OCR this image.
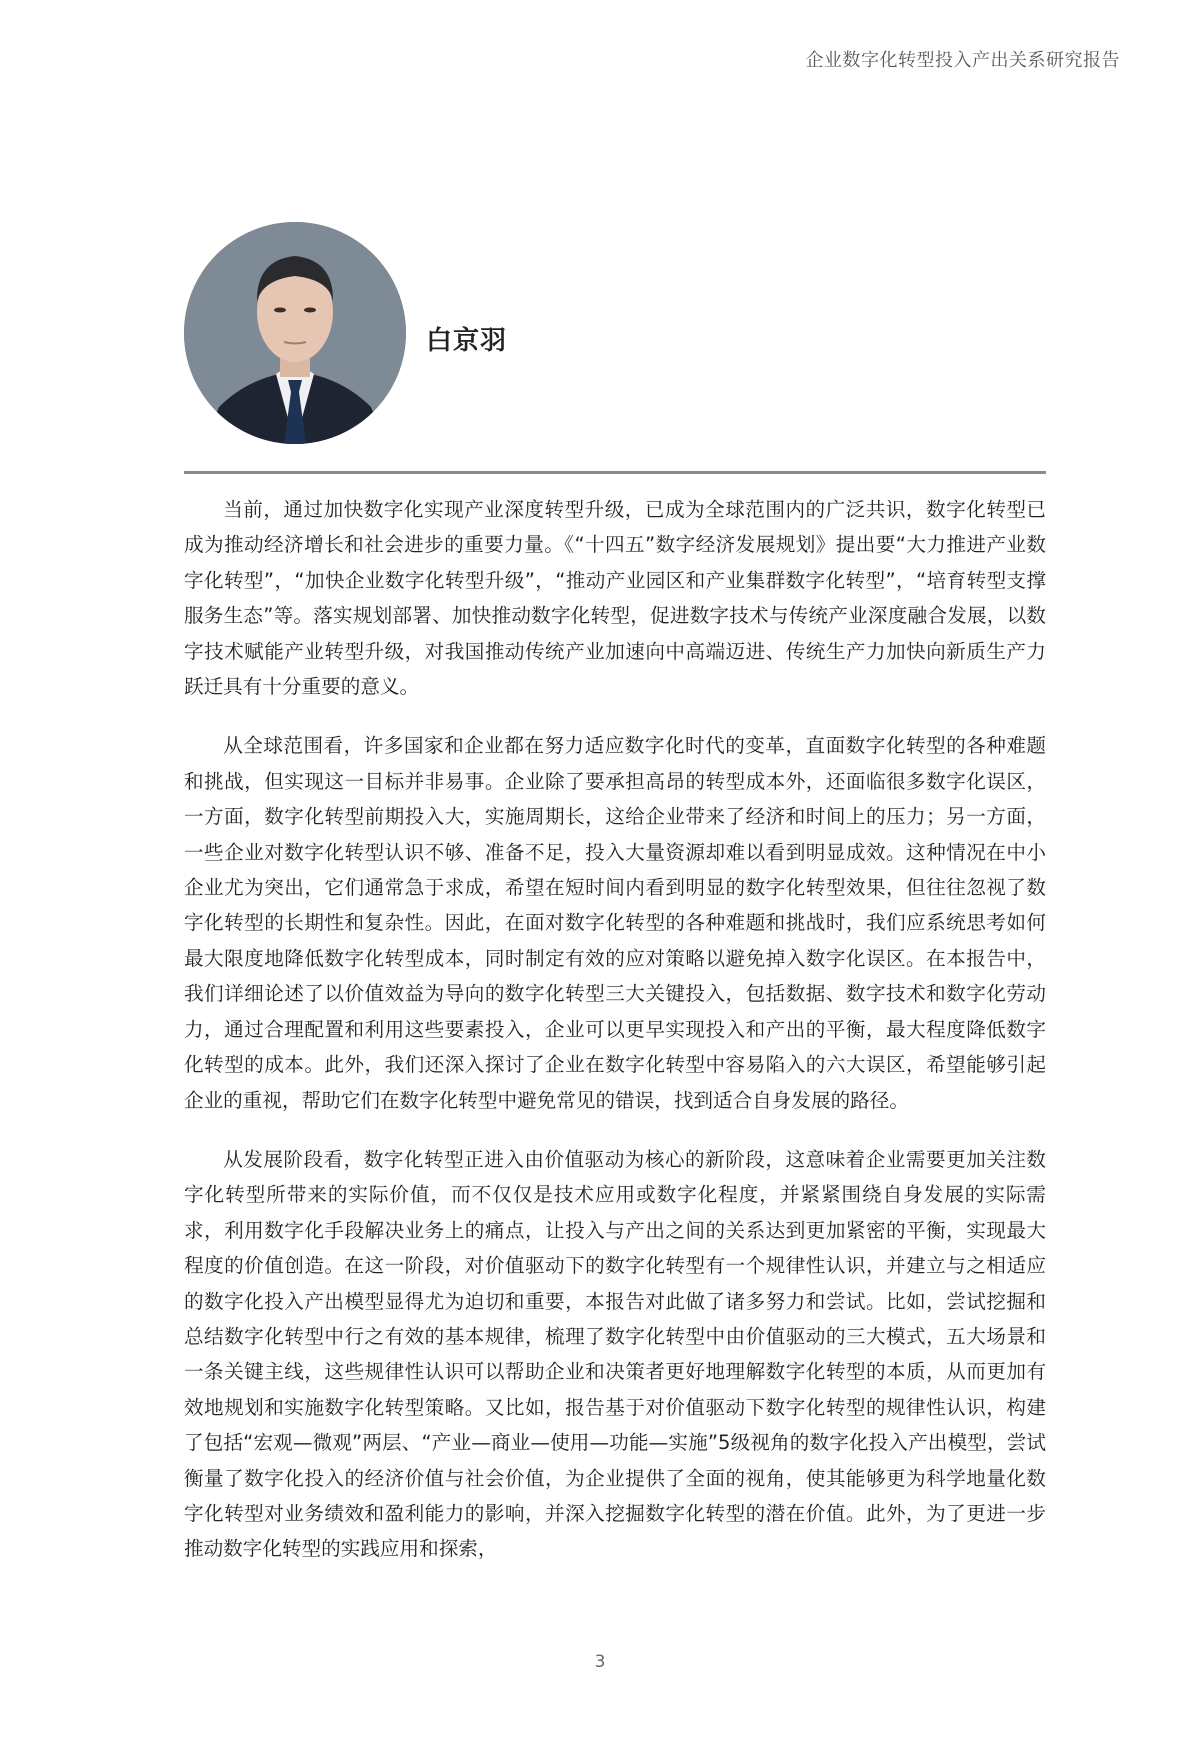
企业数字化转型投入产出关系研究报告
白京羽

当前，通过加快数字化实现产业深度转型升级，已成为全球范围内的广泛共识，数字化转型已成为推动经济增长和社会进步的重要力量。《“十四五”数字经济发展规划》提出要“大力推进产业数字化转型”，“加快企业数字化转型升级”，“推动产业园区和产业集群数字化转型”，“培育转型支撑服务生态”等。落实规划部署、加快推动数字化转型，促进数字技术与传统产业深度融合发展，以数字技术赋能产业转型升级，对我国推动传统产业加速向中高端迈进、传统生产力加快向新质生产力跃迁具有十分重要的意义。

从全球范围看，许多国家和企业都在努力适应数字化时代的变革，直面数字化转型的各种难题和挑战，但实现这一目标并非易事。企业除了要承担高昂的转型成本外，还面临很多数字化误区，一方面，数字化转型前期投入大，实施周期长，这给企业带来了经济和时间上的压力；另一方面，一些企业对数字化转型认识不够、准备不足，投入大量资源却难以看到明显成效。这种情况在中小企业尤为突出，它们通常急于求成，希望在短时间内看到明显的数字化转型效果，但往往忽视了数字化转型的长期性和复杂性。因此，在面对数字化转型的各种难题和挑战时，我们应系统思考如何最大限度地降低数字化转型成本，同时制定有效的应对策略以避免掉入数字化误区。在本报告中，我们详细论述了以价值效益为导向的数字化转型三大关键投入，包括数据、数字技术和数字化劳动力，通过合理配置和利用这些要素投入，企业可以更早实现投入和产出的平衡，最大程度降低数字化转型的成本。此外，我们还深入探讨了企业在数字化转型中容易陷入的六大误区，希望能够引起企业的重视，帮助它们在数字化转型中避免常见的错误，找到适合自身发展的路径。

从发展阶段看，数字化转型正进入由价值驱动为核心的新阶段，这意味着企业需要更加关注数字化转型所带来的实际价值，而不仅仅是技术应用或数字化程度，并紧紧围绕自身发展的实际需求，利用数字化手段解决业务上的痛点，让投入与产出之间的关系达到更加紧密的平衡，实现最大程度的价值创造。在这一阶段，对价值驱动下的数字化转型有一个规律性认识，并建立与之相适应的数字化投入产出模型显得尤为迫切和重要，本报告对此做了诸多努力和尝试。比如，尝试挖掘和总结数字化转型中行之有效的基本规律，梳理了数字化转型中由价值驱动的三大模式，五大场景和一条关键主线，这些规律性认识可以帮助企业和决策者更好地理解数字化转型的本质，从而更加有效地规划和实施数字化转型策略。又比如，报告基于对价值驱动下数字化转型的规律性认识，构建了包括“宏观—微观”两层、“产业—商业—使用—功能—实施”5级视角的数字化投入产出模型，尝试衡量了数字化投入的经济价值与社会价值，为企业提供了全面的视角，使其能够更为科学地量化数字化转型对业务绩效和盈利能力的影响，并深入挖掘数字化转型的潜在价值。此外，为了更进一步推动数字化转型的实践应用和探索，

3
